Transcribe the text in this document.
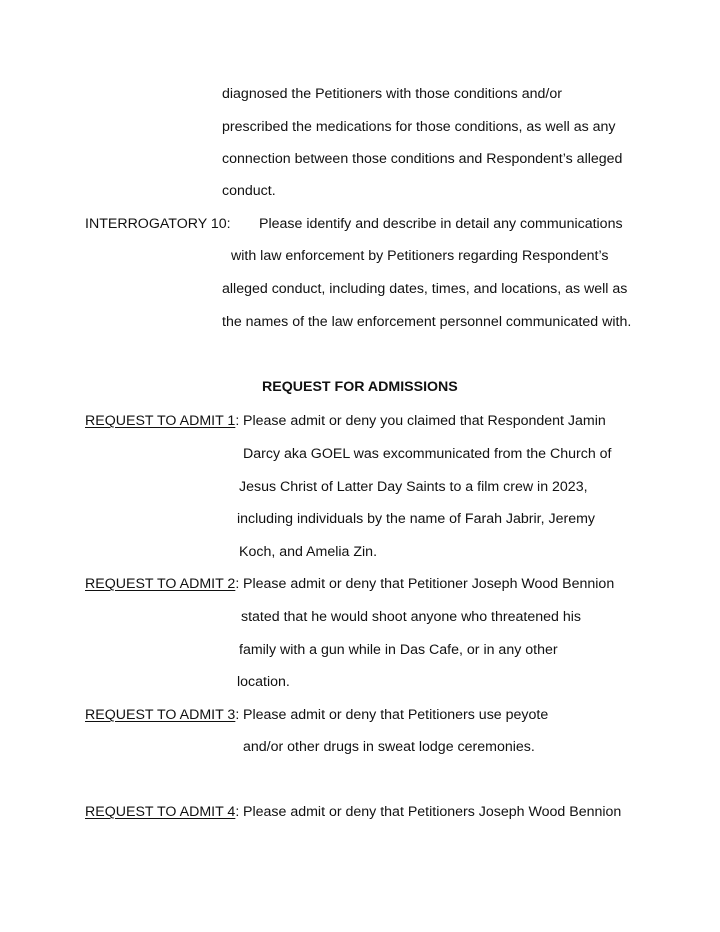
diagnosed the Petitioners with those conditions and/or
prescribed the medications for those conditions, as well as any
connection between those conditions and Respondent’s alleged
conduct.
INTERROGATORY 10: Please identify and describe in detail any communications
with law enforcement by Petitioners regarding Respondent’s
alleged conduct, including dates, times, and locations, as well as
the names of the law enforcement personnel communicated with.
REQUEST FOR ADMISSIONS
REQUEST TO ADMIT 1: Please admit or deny you claimed that Respondent Jamin
Darcy aka GOEL was excommunicated from the Church of
Jesus Christ of Latter Day Saints to a film crew in 2023,
including individuals by the name of Farah Jabrir, Jeremy
Koch, and Amelia Zin.
REQUEST TO ADMIT 2: Please admit or deny that Petitioner Joseph Wood Bennion
stated that he would shoot anyone who threatened his
family with a gun while in Das Cafe, or in any other
location.
REQUEST TO ADMIT 3: Please admit or deny that Petitioners use peyote
and/or other drugs in sweat lodge ceremonies.
REQUEST TO ADMIT 4: Please admit or deny that Petitioners Joseph Wood Bennion
